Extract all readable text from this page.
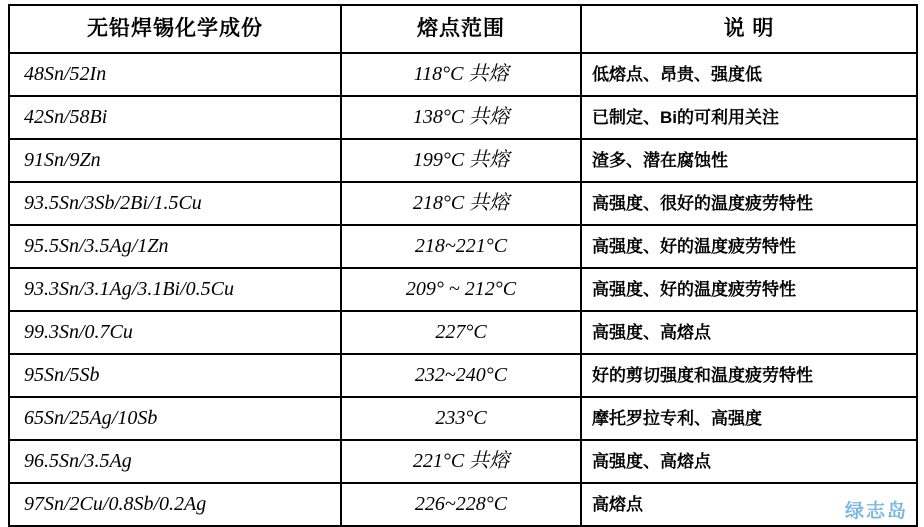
无铅焊锡化学成份	熔点范围	说 明

48Sn/52In	118°C 共熔	低熔点、昂贵、强度低

42Sn/58Bi	138°C 共熔	已制定、Bi的可利用关注

91Sn/9Zn	199°C 共熔	渣多、潜在腐蚀性

93.5Sn/3Sb/2Bi/1.5Cu	218°C 共熔	高强度、很好的温度疲劳特性

95.5Sn/3.5Ag/1Zn	218~221°C	高强度、好的温度疲劳特性

93.3Sn/3.1Ag/3.1Bi/0.5Cu	209° ~ 212°C	高强度、好的温度疲劳特性

99.3Sn/0.7Cu	227°C	高强度、高熔点

95Sn/5Sb	232~240°C	好的剪切强度和温度疲劳特性

65Sn/25Ag/10Sb	233°C	摩托罗拉专利、高强度

96.5Sn/3.5Ag	221°C 共熔	高强度、高熔点

97Sn/2Cu/0.8Sb/0.2Ag	226~228°C	高熔点	绿志岛
